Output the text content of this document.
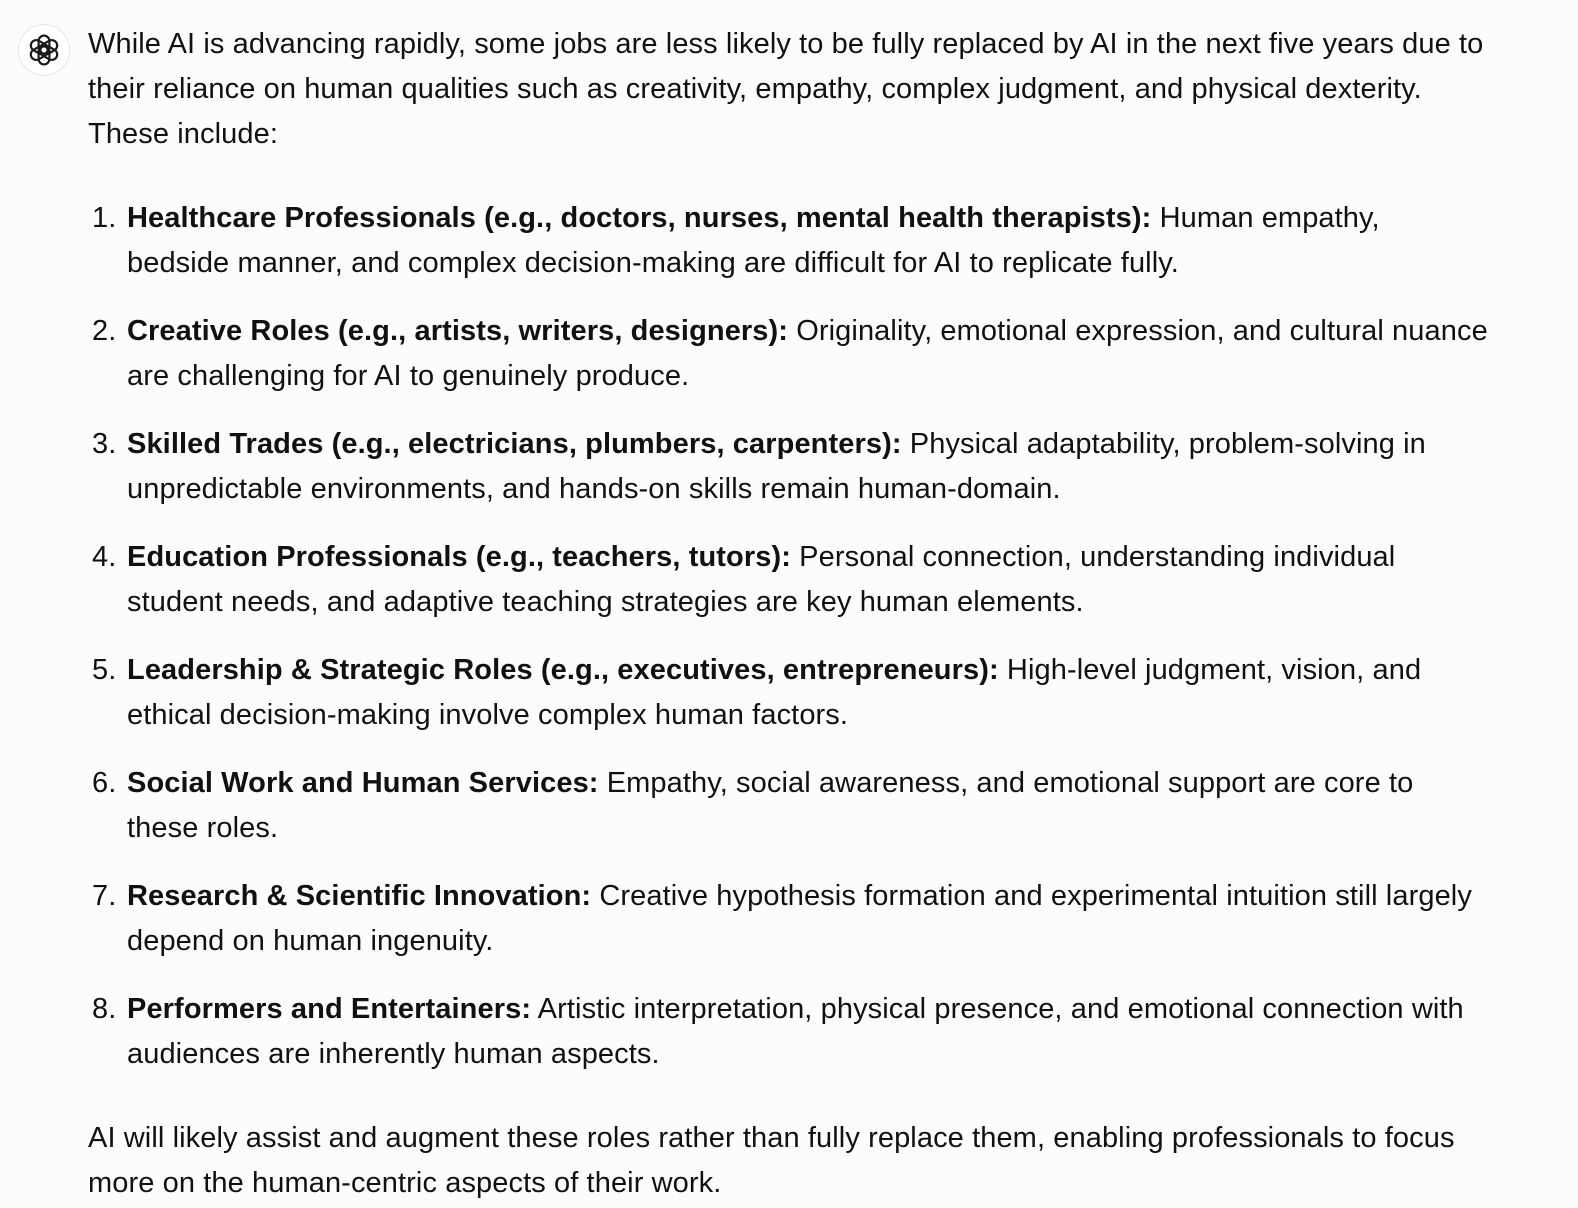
While AI is advancing rapidly, some jobs are less likely to be fully replaced by AI in the next five years due to their reliance on human qualities such as creativity, empathy, complex judgment, and physical dexterity. These include:

1. Healthcare Professionals (e.g., doctors, nurses, mental health therapists): Human empathy, bedside manner, and complex decision-making are difficult for AI to replicate fully.
2. Creative Roles (e.g., artists, writers, designers): Originality, emotional expression, and cultural nuance are challenging for AI to genuinely produce.
3. Skilled Trades (e.g., electricians, plumbers, carpenters): Physical adaptability, problem-solving in unpredictable environments, and hands-on skills remain human-domain.
4. Education Professionals (e.g., teachers, tutors): Personal connection, understanding individual student needs, and adaptive teaching strategies are key human elements.
5. Leadership & Strategic Roles (e.g., executives, entrepreneurs): High-level judgment, vision, and ethical decision-making involve complex human factors.
6. Social Work and Human Services: Empathy, social awareness, and emotional support are core to these roles.
7. Research & Scientific Innovation: Creative hypothesis formation and experimental intuition still largely depend on human ingenuity.
8. Performers and Entertainers: Artistic interpretation, physical presence, and emotional connection with audiences are inherently human aspects.

AI will likely assist and augment these roles rather than fully replace them, enabling professionals to focus more on the human-centric aspects of their work.
